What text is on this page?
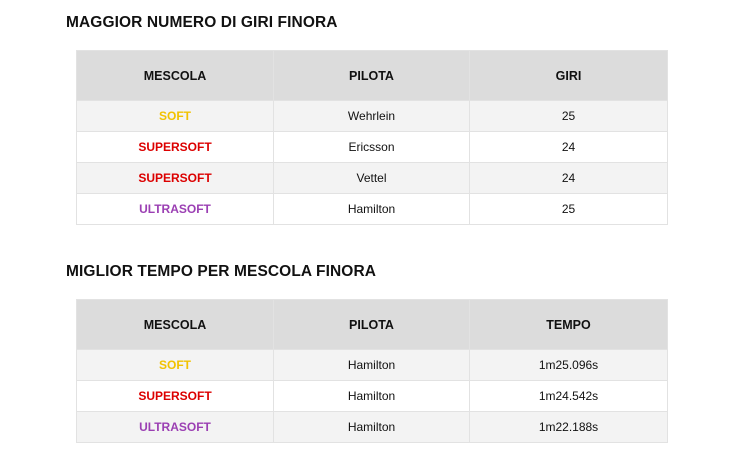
MAGGIOR NUMERO DI GIRI FINORA
MESCOLA	PILOTA	GIRI
SOFT	Wehrlein	25
SUPERSOFT	Ericsson	24
SUPERSOFT	Vettel	24
ULTRASOFT	Hamilton	25
MIGLIOR TEMPO PER MESCOLA FINORA
MESCOLA	PILOTA	TEMPO
SOFT	Hamilton	1m25.096s
SUPERSOFT	Hamilton	1m24.542s
ULTRASOFT	Hamilton	1m22.188s
